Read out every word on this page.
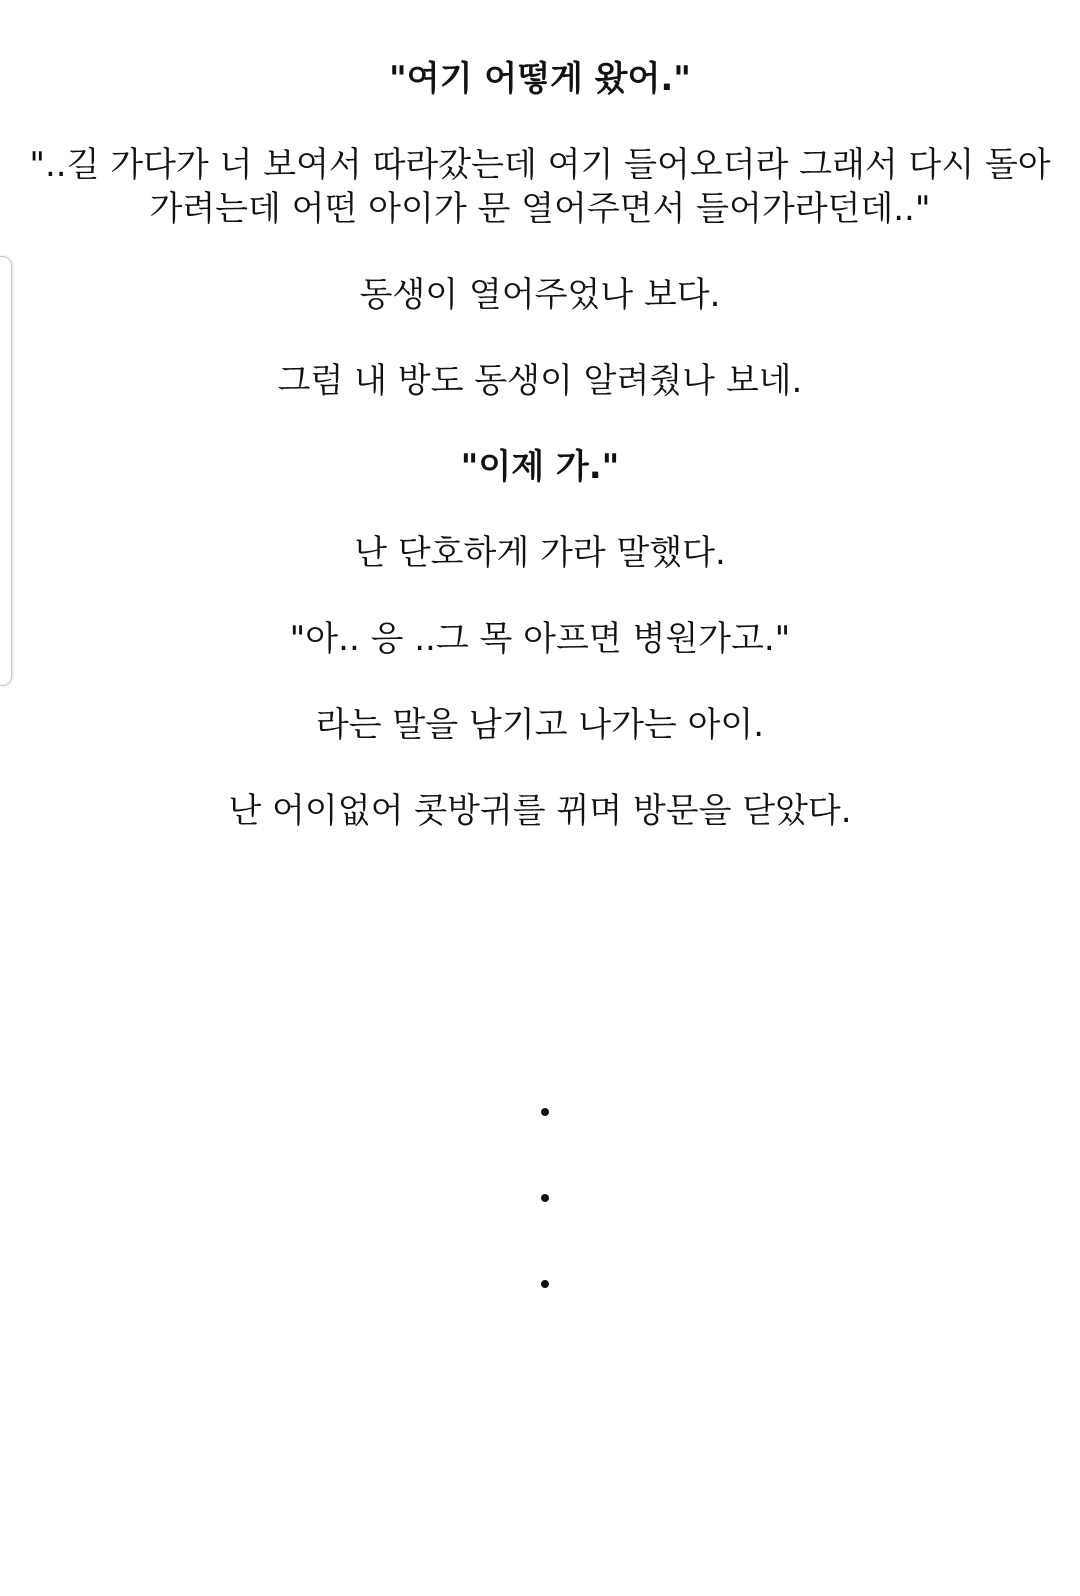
"여기 어떻게 왔어."
"..길 가다가 너 보여서 따라갔는데 여기 들어오더라 그래서 다시 돌아
가려는데 어떤 아이가 문 열어주면서 들어가라던데.."
동생이 열어주었나 보다.
그럼 내 방도 동생이 알려줬나 보네.
"이제 가."
난 단호하게 가라 말했다.
"아.. 응 ..그 목 아프면 병원가고."
라는 말을 남기고 나가는 아이.
난 어이없어 콧방귀를 뀌며 방문을 닫았다.
